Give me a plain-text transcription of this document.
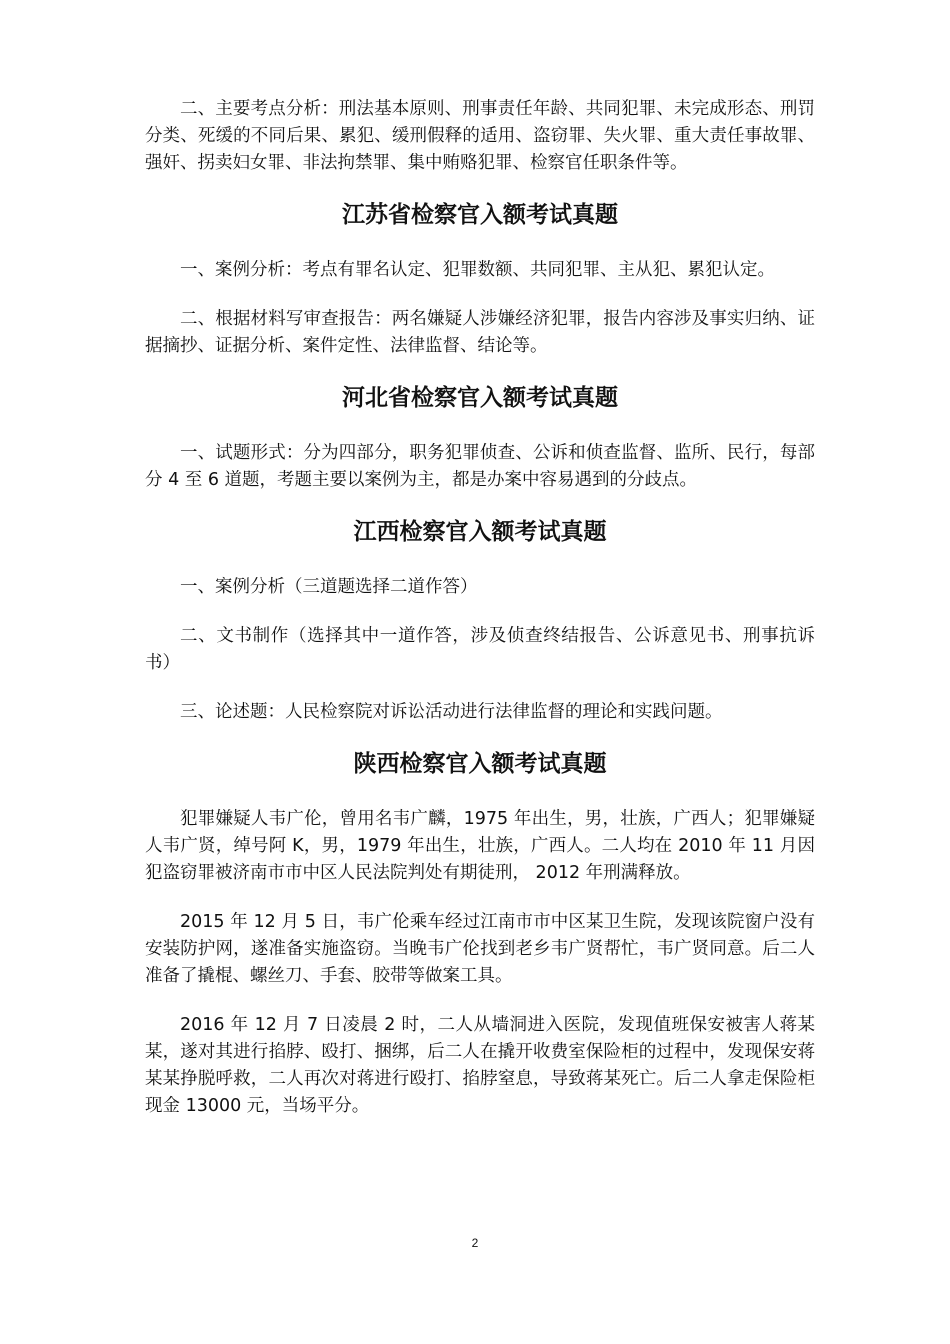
二、主要考点分析：刑法基本原则、刑事责任年龄、共同犯罪、未完成形态、刑罚分类、死缓的不同后果、累犯、缓刑假释的适用、盗窃罪、失火罪、重大责任事故罪、强奸、拐卖妇女罪、非法拘禁罪、集中贿赂犯罪、检察官任职条件等。

江苏省检察官入额考试真题

一、案例分析：考点有罪名认定、犯罪数额、共同犯罪、主从犯、累犯认定。

二、根据材料写审查报告：两名嫌疑人涉嫌经济犯罪，报告内容涉及事实归纳、证据摘抄、证据分析、案件定性、法律监督、结论等。

河北省检察官入额考试真题

一、试题形式：分为四部分，职务犯罪侦查、公诉和侦查监督、监所、民行，每部分 4 至 6 道题，考题主要以案例为主，都是办案中容易遇到的分歧点。

江西检察官入额考试真题

一、案例分析（三道题选择二道作答）

二、文书制作（选择其中一道作答，涉及侦查终结报告、公诉意见书、刑事抗诉书）

三、论述题：人民检察院对诉讼活动进行法律监督的理论和实践问题。

陕西检察官入额考试真题

犯罪嫌疑人韦广伦，曾用名韦广麟，1975 年出生，男，壮族，广西人；犯罪嫌疑人韦广贤，绰号阿 K，男，1979 年出生，壮族，广西人。二人均在 2010 年 11 月因犯盗窃罪被济南市市中区人民法院判处有期徒刑， 2012 年刑满释放。

2015 年 12 月 5 日，韦广伦乘车经过江南市市中区某卫生院，发现该院窗户没有安装防护网，遂准备实施盗窃。当晚韦广伦找到老乡韦广贤帮忙，韦广贤同意。后二人准备了撬棍、螺丝刀、手套、胶带等做案工具。

2016 年 12 月 7 日凌晨 2 时，二人从墙洞进入医院，发现值班保安被害人蒋某某，遂对其进行掐脖、殴打、捆绑，后二人在撬开收费室保险柜的过程中，发现保安蒋某某挣脱呼救，二人再次对蒋进行殴打、掐脖窒息，导致蒋某死亡。后二人拿走保险柜现金 13000 元，当场平分。

2
